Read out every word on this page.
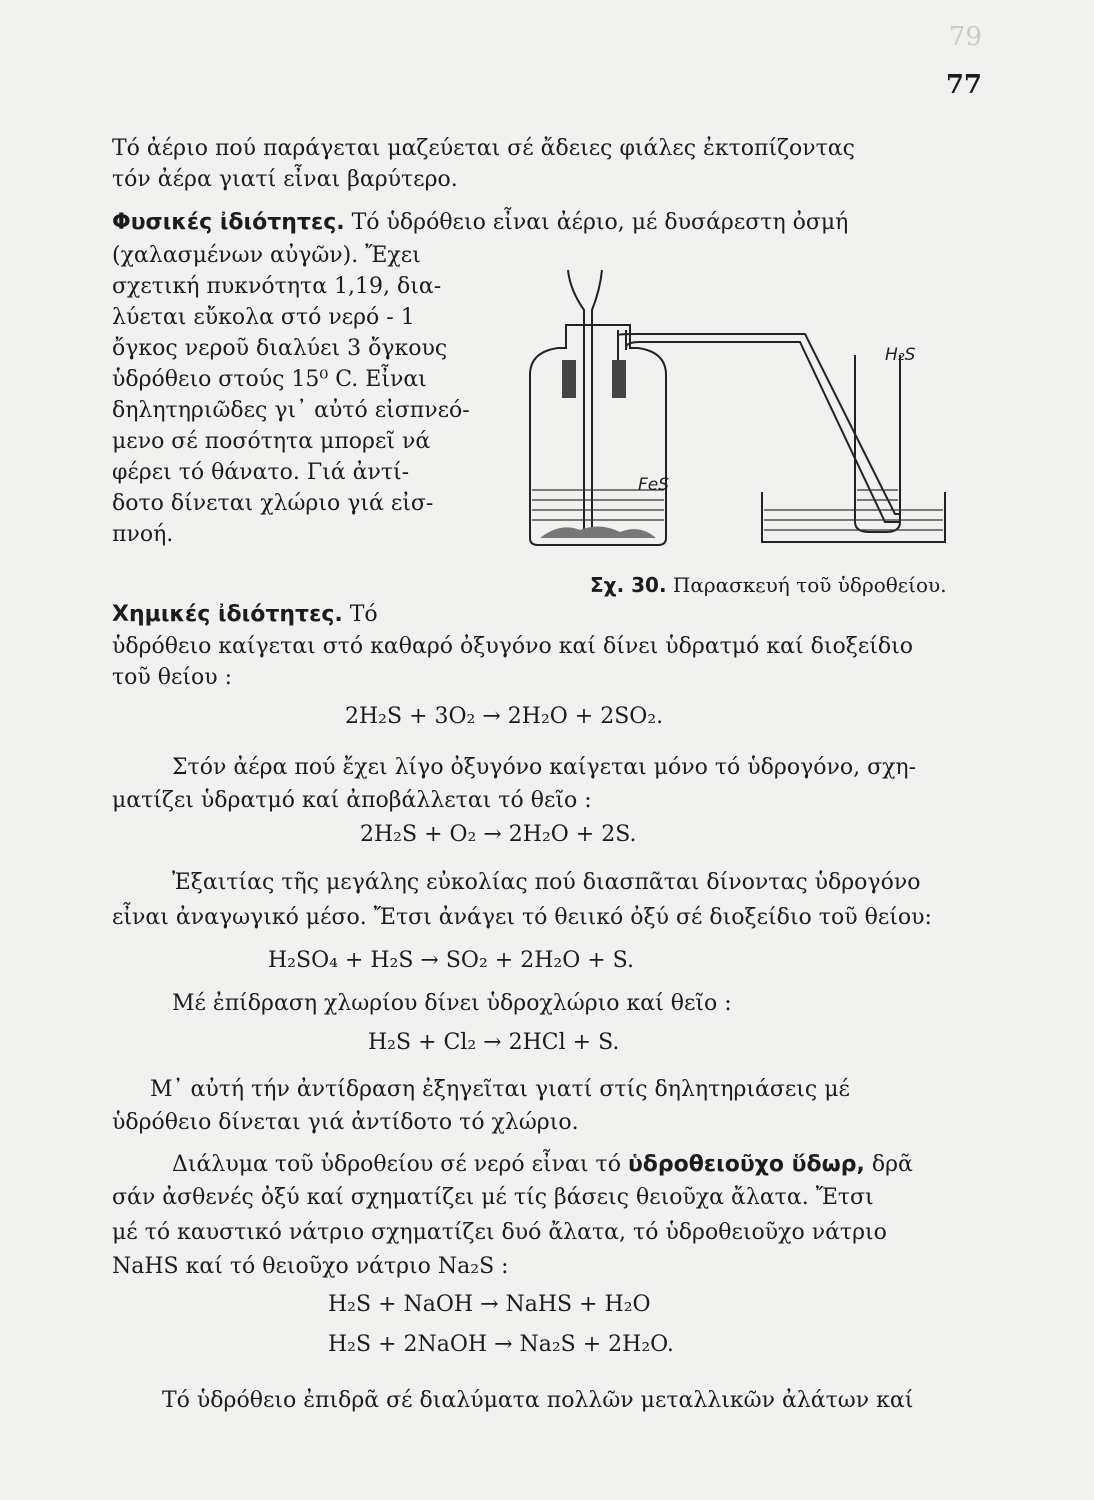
79
77
Τό ἀέριο πού παράγεται μαζεύεται σέ ἄδειες φιάλες ἐκτοπίζοντας
τόν ἀέρα γιατί εἶναι βαρύτερο.
Φυσικές ἰδιότητες. Τό ὑδρόθειο εἶναι ἀέριο, μέ δυσάρεστη ὀσμή

(χαλασμένων αὐγῶν). Ἔχει

σχετική πυκνότητα 1,19, δια-

λύεται εὔκολα στό νερό - 1

ὄγκος νεροῦ διαλύει 3 ὄγκους

ὑδρόθειο στούς 15⁰ C. Εἶναι

δηλητηριῶδες γι᾽ αὐτό εἰσπνεό-

μενο σέ ποσότητα μπορεῖ νά

φέρει τό θάνατο. Γιά ἀντί-

δοτο δίνεται χλώριο γιά εἰσ-

πνοή.

FeS
H₂S
Σχ. 30. Παρασκευή τοῦ ὑδροθείου.
Χημικές ἰδιότητες. Τό
ὑδρόθειο καίγεται στό καθαρό ὀξυγόνο καί δίνει ὑδρατμό καί διοξείδιο
τοῦ θείου :
2H₂S + 3O₂ → 2H₂O + 2SO₂.
Στόν ἀέρα πού ἔχει λίγο ὀξυγόνο καίγεται μόνο τό ὑδρογόνο, σχη-
ματίζει ὑδρατμό καί ἀποβάλλεται τό θεῖο :
2H₂S + O₂ → 2H₂O + 2S.
Ἐξαιτίας τῆς μεγάλης εὐκολίας πού διασπᾶται δίνοντας ὑδρογόνο
εἶναι ἀναγωγικό μέσο. Ἔτσι ἀνάγει τό θειικό ὀξύ σέ διοξείδιο τοῦ θείου:
H₂SO₄ + H₂S → SO₂ + 2H₂O + S.
Μέ ἐπίδραση χλωρίου δίνει ὑδροχλώριο καί θεῖο :
H₂S + Cl₂ → 2HCl + S.
Μ᾽ αὐτή τήν ἀντίδραση ἐξηγεῖται γιατί στίς δηλητηριάσεις μέ
ὑδρόθειο δίνεται γιά ἀντίδοτο τό χλώριο.
Διάλυμα τοῦ ὑδροθείου σέ νερό εἶναι τό ὑδροθειοῦχο ὕδωρ, δρᾶ
σάν ἀσθενές ὀξύ καί σχηματίζει μέ τίς βάσεις θειοῦχα ἄλατα. Ἔτσι
μέ τό καυστικό νάτριο σχηματίζει δυό ἄλατα, τό ὑδροθειοῦχο νάτριο
NaHS καί τό θειοῦχο νάτριο Na₂S :
H₂S + NaOH → NaHS + H₂O
H₂S + 2NaOH → Na₂S + 2H₂O.
Τό ὑδρόθειο ἐπιδρᾶ σέ διαλύματα πολλῶν μεταλλικῶν ἀλάτων καί
